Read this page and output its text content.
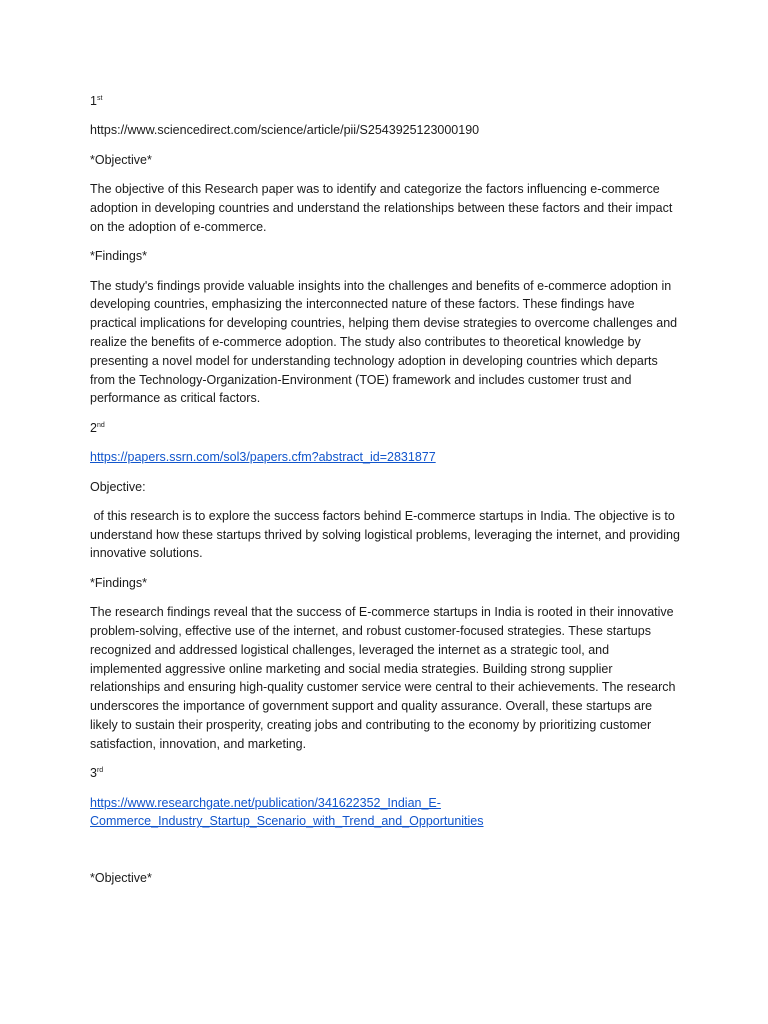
1st

https://www.sciencedirect.com/science/article/pii/S2543925123000190

*Objective*

The objective of this Research paper was to identify and categorize the factors influencing e-commerce adoption in developing countries and understand the relationships between these factors and their impact on the adoption of e-commerce.

*Findings*

The study's findings provide valuable insights into the challenges and benefits of e-commerce adoption in developing countries, emphasizing the interconnected nature of these factors. These findings have practical implications for developing countries, helping them devise strategies to overcome challenges and realize the benefits of e-commerce adoption. The study also contributes to theoretical knowledge by presenting a novel model for understanding technology adoption in developing countries which departs from the Technology-Organization-Environment (TOE) framework and includes customer trust and performance as critical factors.

2nd

https://papers.ssrn.com/sol3/papers.cfm?abstract_id=2831877

Objective:

of this research is to explore the success factors behind E-commerce startups in India. The objective is to understand how these startups thrived by solving logistical problems, leveraging the internet, and providing innovative solutions.

*Findings*

The research findings reveal that the success of E-commerce startups in India is rooted in their innovative problem-solving, effective use of the internet, and robust customer-focused strategies. These startups recognized and addressed logistical challenges, leveraged the internet as a strategic tool, and implemented aggressive online marketing and social media strategies. Building strong supplier relationships and ensuring high-quality customer service were central to their achievements. The research underscores the importance of government support and quality assurance. Overall, these startups are likely to sustain their prosperity, creating jobs and contributing to the economy by prioritizing customer satisfaction, innovation, and marketing.

3rd

https://www.researchgate.net/publication/341622352_Indian_E-
Commerce_Industry_Startup_Scenario_with_Trend_and_Opportunities

*Objective*
